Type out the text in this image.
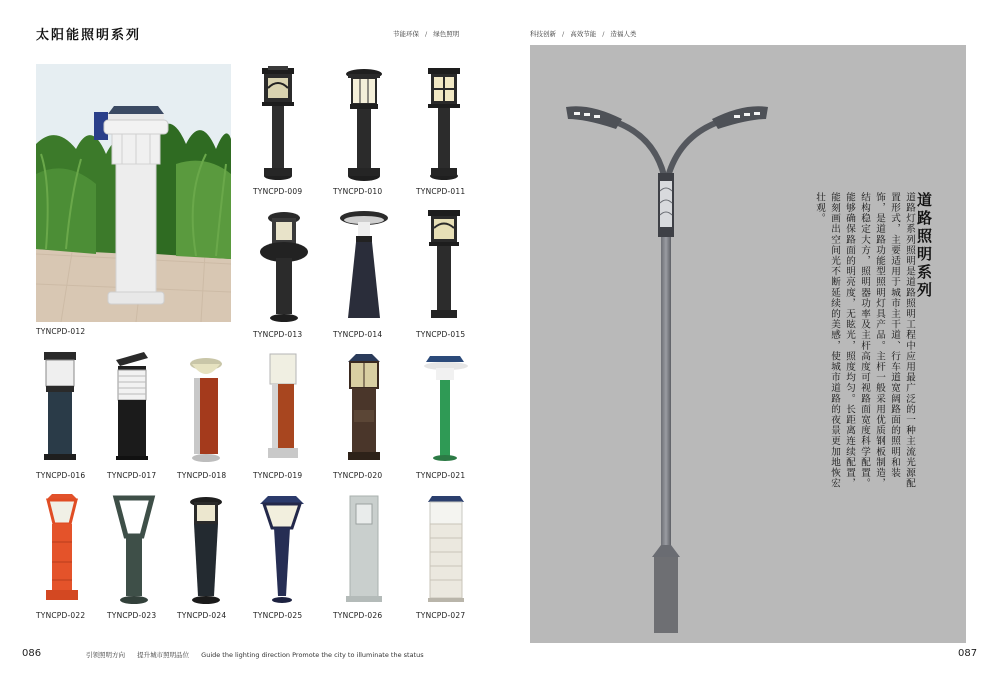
太阳能照明系列	节能环保 / 绿色照明
TYNCPD-012
TYNCPD-009	TYNCPD-010	TYNCPD-011
TYNCPD-013	TYNCPD-014	TYNCPD-015
TYNCPD-016	TYNCPD-017	TYNCPD-018	TYNCPD-019	TYNCPD-020	TYNCPD-021
TYNCPD-022	TYNCPD-023	TYNCPD-024	TYNCPD-025	TYNCPD-026	TYNCPD-027
086	引领照明方向 提升城市照明品位 Guide the lighting direction Promote the city to illuminate the status
科技创新 / 高效节能 / 造福人类
道路照明系列
道路灯系列照明是道路照明工程中应用最广泛的一种主流光源配置形式，主要适用于城市主干道、行车道宽阔路面的照明和装饰，是道路功能型照明灯具产品。主杆一般采用优质钢板制造，结构稳定大方，照明器功率及主杆高度可视路面宽度科学配置。能够确保路面的明亮度，无眩光，照度均匀。长距离连续配置，能刻画出空间光不断延续的美感，使城市道路的夜景更加地恢宏壮观。
087
